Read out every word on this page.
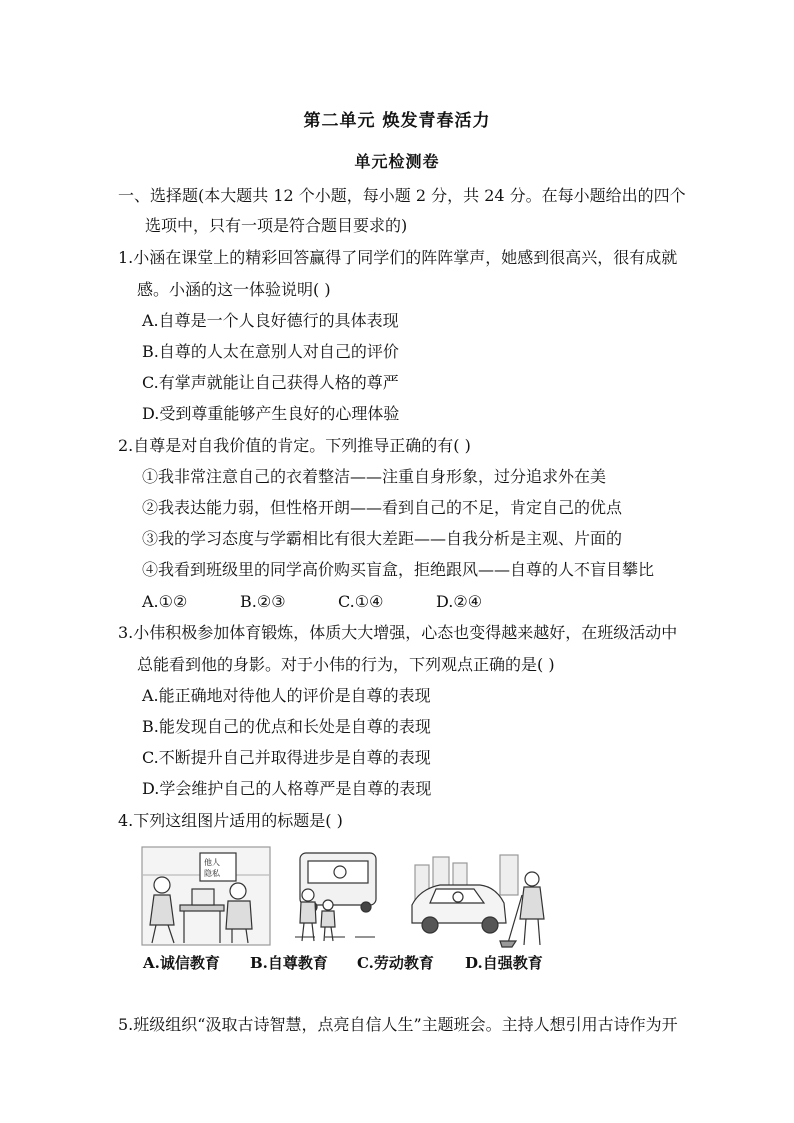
第二单元 焕发青春活力
单元检测卷
一、选择题(本大题共 12 个小题，每小题 2 分，共 24 分。在每小题给出的四个
选项中，只有一项是符合题目要求的)
1.小涵在课堂上的精彩回答赢得了同学们的阵阵掌声，她感到很高兴，很有成就
感。小涵的这一体验说明( )
A.自尊是一个人良好德行的具体表现
B.自尊的人太在意别人对自己的评价
C.有掌声就能让自己获得人格的尊严
D.受到尊重能够产生良好的心理体验
2.自尊是对自我价值的肯定。下列推导正确的有( )
①我非常注意自己的衣着整洁——注重自身形象，过分追求外在美
②我表达能力弱，但性格开朗——看到自己的不足，肯定自己的优点
③我的学习态度与学霸相比有很大差距——自我分析是主观、片面的
④我看到班级里的同学高价购买盲盒，拒绝跟风——自尊的人不盲目攀比
A.①②	B.②③	C.①④	D.②④
3.小伟积极参加体育锻炼，体质大大增强，心态也变得越来越好，在班级活动中
总能看到他的身影。对于小伟的行为，下列观点正确的是( )
A.能正确地对待他人的评价是自尊的表现
B.能发现自己的优点和长处是自尊的表现
C.不断提升自己并取得进步是自尊的表现
D.学会维护自己的人格尊严是自尊的表现
4.下列这组图片适用的标题是( )
他人
隐私
A.诚信教育 B.自尊教育 C.劳动教育 D.自强教育
5.班级组织“汲取古诗智慧，点亮自信人生”主题班会。主持人想引用古诗作为开
